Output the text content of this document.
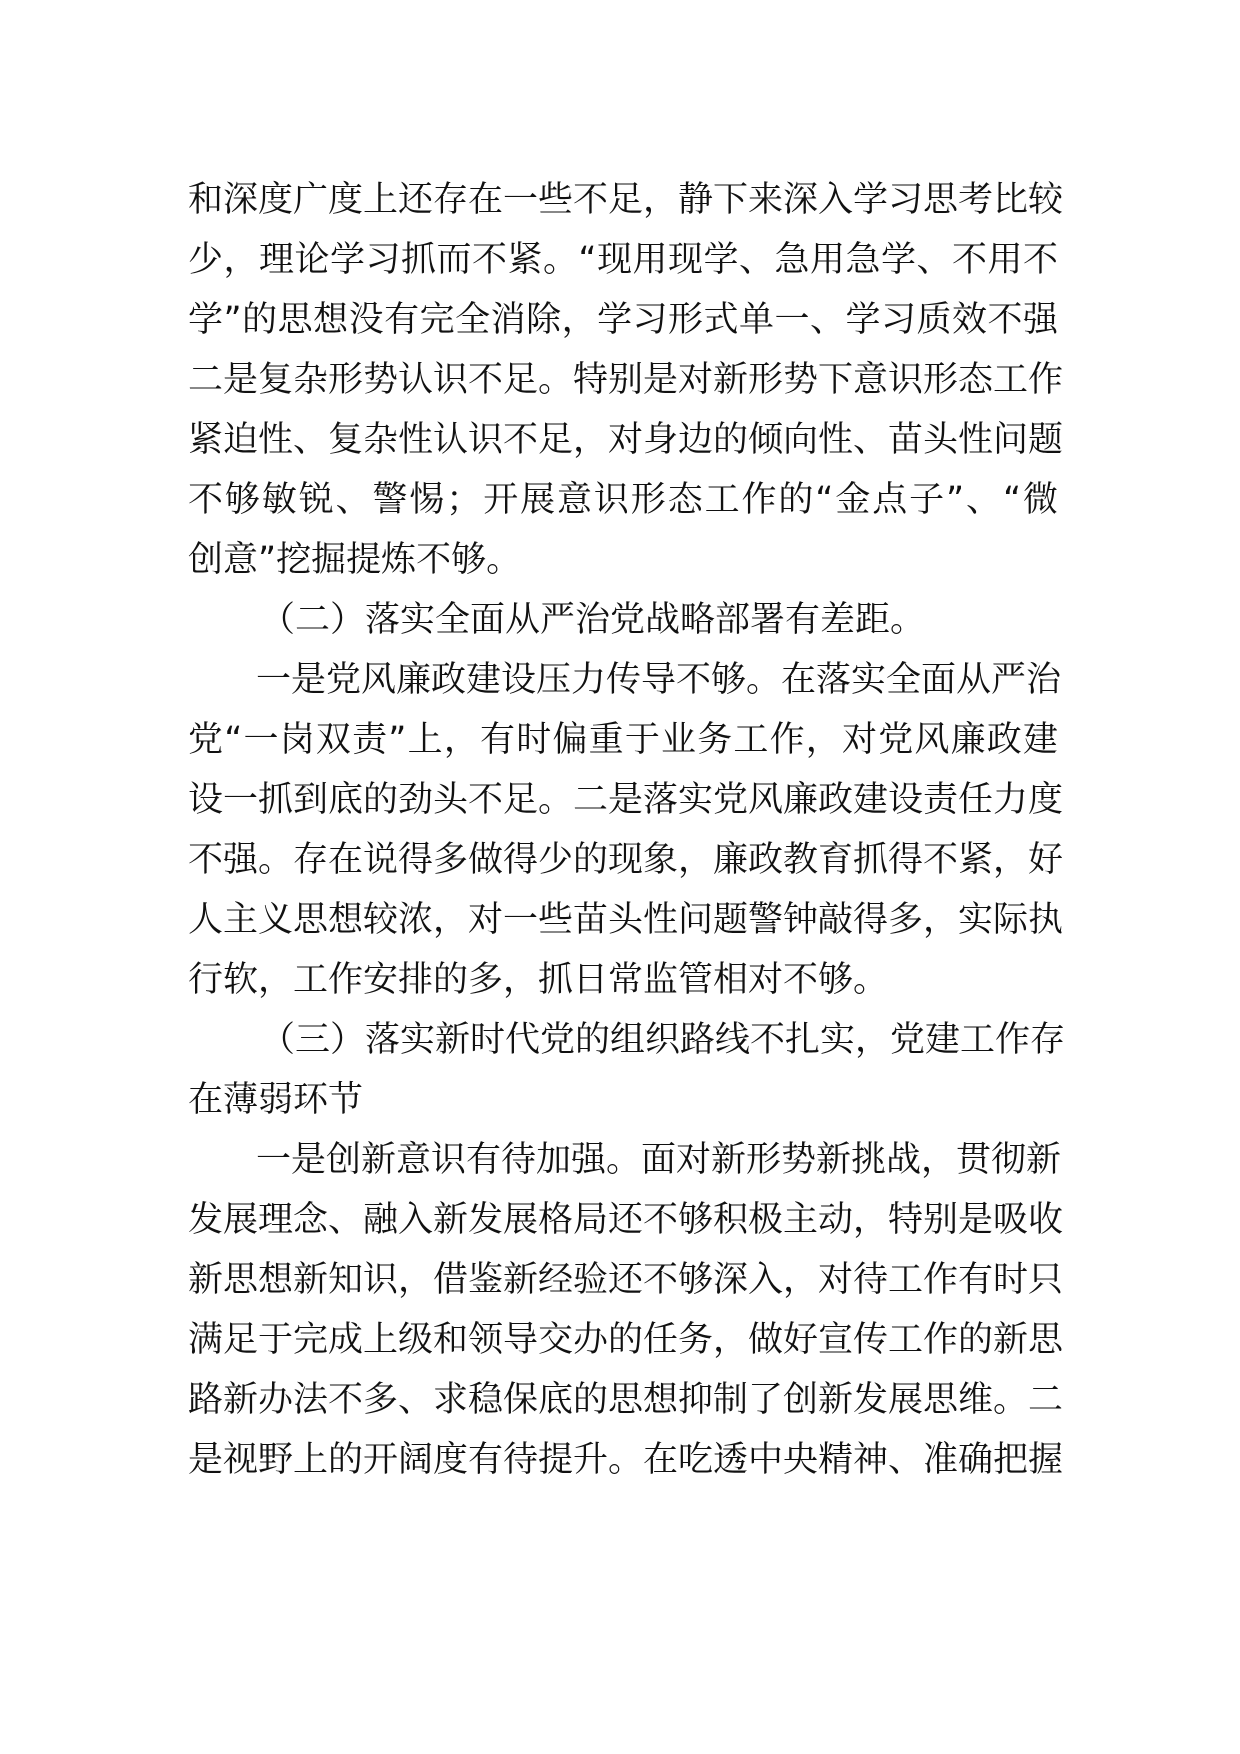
和深度广度上还存在一些不足，静下来深入学习思考比较
少，理论学习抓而不紧。“现用现学、急用急学、不用不
学”的思想没有完全消除，学习形式单一、学习质效不强
二是复杂形势认识不足。特别是对新形势下意识形态工作
紧迫性、复杂性认识不足，对身边的倾向性、苗头性问题
不够敏锐、警惕；开展意识形态工作的“金点子”、“微
创意”挖掘提炼不够。
（二）落实全面从严治党战略部署有差距。
一是党风廉政建设压力传导不够。在落实全面从严治
党“一岗双责”上，有时偏重于业务工作，对党风廉政建
设一抓到底的劲头不足。二是落实党风廉政建设责任力度
不强。存在说得多做得少的现象，廉政教育抓得不紧，好
人主义思想较浓，对一些苗头性问题警钟敲得多，实际执
行软，工作安排的多，抓日常监管相对不够。
（三）落实新时代党的组织路线不扎实，党建工作存
在薄弱环节
一是创新意识有待加强。面对新形势新挑战，贯彻新
发展理念、融入新发展格局还不够积极主动，特别是吸收
新思想新知识，借鉴新经验还不够深入，对待工作有时只
满足于完成上级和领导交办的任务，做好宣传工作的新思
路新办法不多、求稳保底的思想抑制了创新发展思维。二
是视野上的开阔度有待提升。在吃透中央精神、准确把握
